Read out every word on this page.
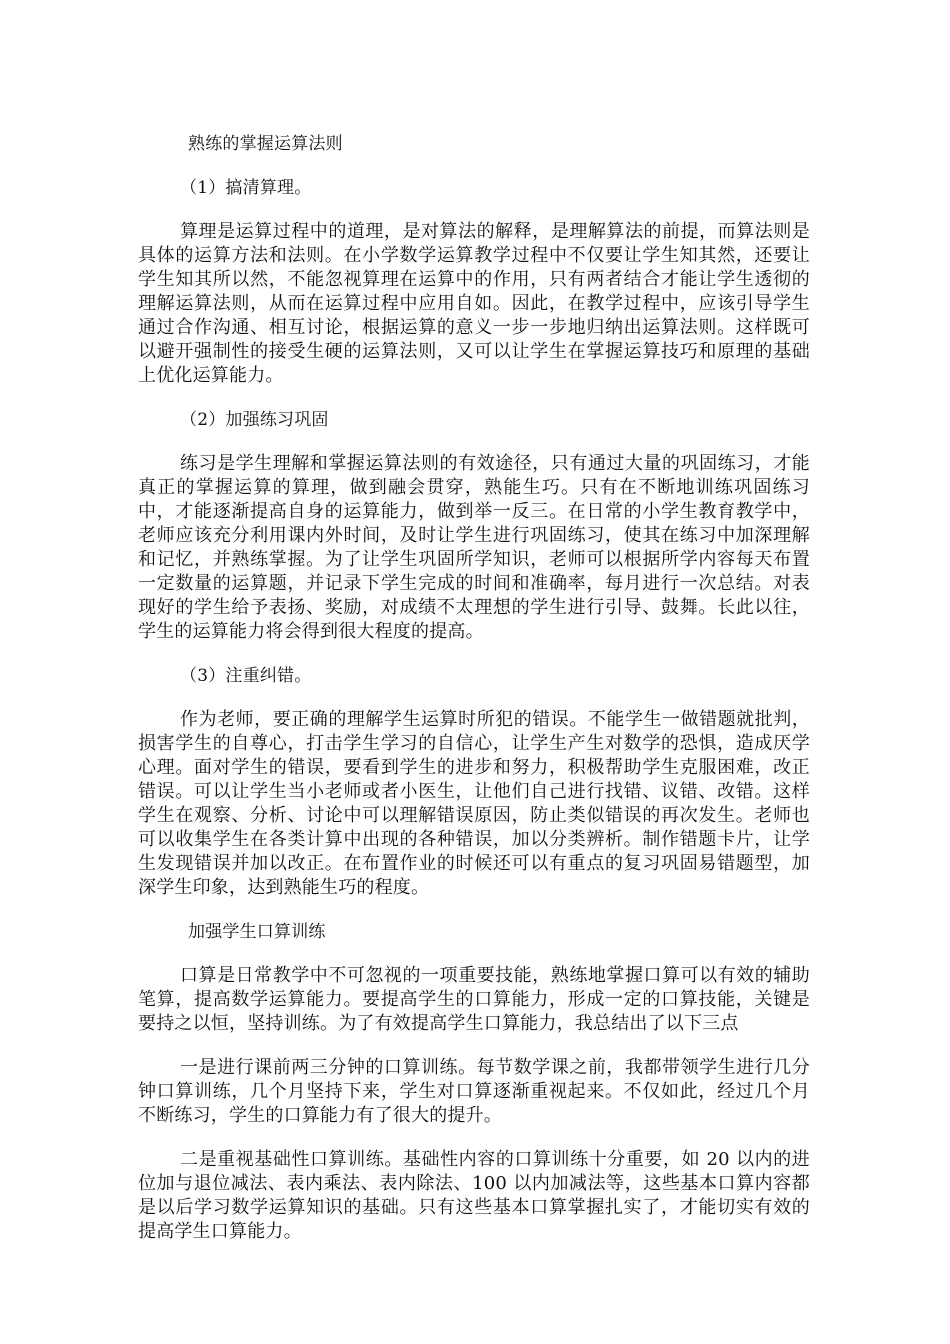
熟练的掌握运算法则
（1）搞清算理。
算理是运算过程中的道理，是对算法的解释，是理解算法的前提，而算法则是具体的运算方法和法则。在小学数学运算教学过程中不仅要让学生知其然，还要让学生知其所以然，不能忽视算理在运算中的作用，只有两者结合才能让学生透彻的理解运算法则，从而在运算过程中应用自如。因此，在教学过程中，应该引导学生通过合作沟通、相互讨论，根据运算的意义一步一步地归纳出运算法则。这样既可以避开强制性的接受生硬的运算法则，又可以让学生在掌握运算技巧和原理的基础上优化运算能力。
（2）加强练习巩固
练习是学生理解和掌握运算法则的有效途径，只有通过大量的巩固练习，才能真正的掌握运算的算理，做到融会贯穿，熟能生巧。只有在不断地训练巩固练习中，才能逐渐提高自身的运算能力，做到举一反三。在日常的小学生教育教学中，老师应该充分利用课内外时间，及时让学生进行巩固练习，使其在练习中加深理解和记忆，并熟练掌握。为了让学生巩固所学知识，老师可以根据所学内容每天布置一定数量的运算题，并记录下学生完成的时间和准确率，每月进行一次总结。对表现好的学生给予表扬、奖励，对成绩不太理想的学生进行引导、鼓舞。长此以往，学生的运算能力将会得到很大程度的提高。
（3）注重纠错。
作为老师，要正确的理解学生运算时所犯的错误。不能学生一做错题就批判，损害学生的自尊心，打击学生学习的自信心，让学生产生对数学的恐惧，造成厌学心理。面对学生的错误，要看到学生的进步和努力，积极帮助学生克服困难，改正错误。可以让学生当小老师或者小医生，让他们自己进行找错、议错、改错。这样学生在观察、分析、讨论中可以理解错误原因，防止类似错误的再次发生。老师也可以收集学生在各类计算中出现的各种错误，加以分类辨析。制作错题卡片，让学生发现错误并加以改正。在布置作业的时候还可以有重点的复习巩固易错题型，加深学生印象，达到熟能生巧的程度。
加强学生口算训练
口算是日常教学中不可忽视的一项重要技能，熟练地掌握口算可以有效的辅助笔算，提高数学运算能力。要提高学生的口算能力，形成一定的口算技能，关键是要持之以恒，坚持训练。为了有效提高学生口算能力，我总结出了以下三点
一是进行课前两三分钟的口算训练。每节数学课之前，我都带领学生进行几分钟口算训练，几个月坚持下来，学生对口算逐渐重视起来。不仅如此，经过几个月不断练习，学生的口算能力有了很大的提升。
二是重视基础性口算训练。基础性内容的口算训练十分重要，如 20 以内的进位加与退位减法、表内乘法、表内除法、100 以内加减法等，这些基本口算内容都是以后学习数学运算知识的基础。只有这些基本口算掌握扎实了，才能切实有效的提高学生口算能力。
